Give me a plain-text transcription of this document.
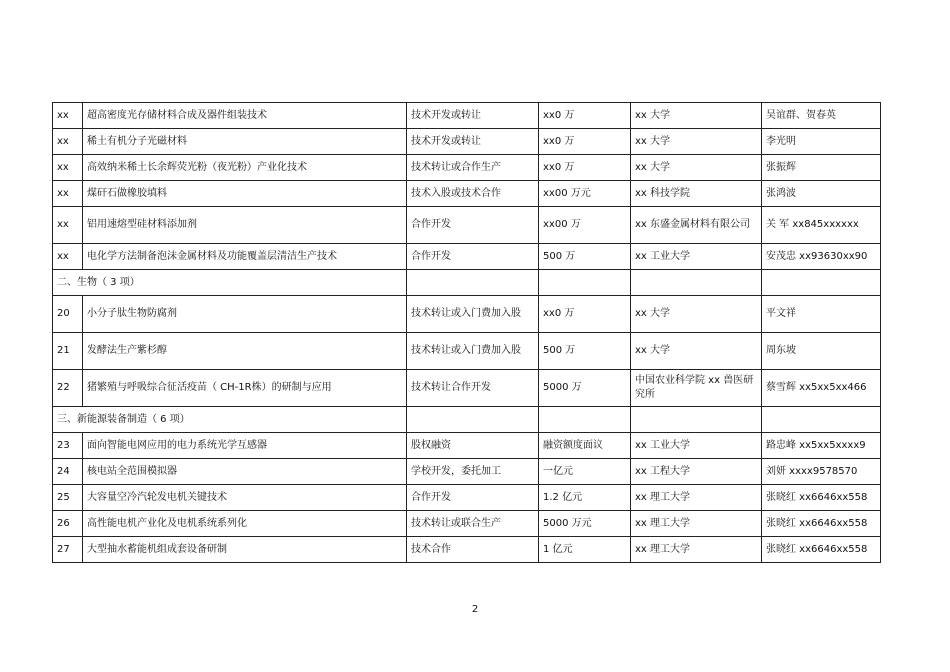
xx	超高密度光存储材料合成及器件组装技术	技术开发或转让	xx0 万	xx 大学	吴谊群、贺春英
xx	稀土有机分子光磁材料	技术开发或转让	xx0 万	xx 大学	李光明
xx	高效纳米稀土长余辉荧光粉（夜光粉）产业化技术	技术转让或合作生产	xx0 万	xx 大学	张振辉
xx	煤矸石做橡胶填料	技术入股或技术合作	xx00 万元	xx 科技学院	张鸿波
xx	铝用速熔型硅材料添加剂	合作开发	xx00 万	xx 东盛金属材料有限公司	关 军 xx845xxxxxx
xx	电化学方法制备泡沫金属材料及功能覆盖层清洁生产技术	合作开发	500 万	xx 工业大学	安茂忠 xx93630xx90
二、生物（ 3 项）					
20	小分子肽生物防腐剂	技术转让或入门费加入股	xx0 万	xx 大学	平文祥
21	发酵法生产紫杉醇	技术转让或入门费加入股	500 万	xx 大学	周东坡
22	猪繁殖与呼吸综合征活疫苗（ CH-1R株）的研制与应用	技术转让合作开发	5000 万	中国农业科学院 xx 兽医研究所	蔡雪辉 xx5xx5xx466
三、新能源装备制造（ 6 项）					
23	面向智能电网应用的电力系统光学互感器	股权融资	融资额度面议	xx 工业大学	路忠峰 xx5xx5xxxx9
24	核电站全范围模拟器	学校开发，委托加工	一亿元	xx 工程大学	刘妍 xxxx9578570
25	大容量空冷汽轮发电机关键技术	合作开发	1.2 亿元	xx 理工大学	张晓红 xx6646xx558
26	高性能电机产业化及电机系统系列化	技术转让或联合生产	5000 万元	xx 理工大学	张晓红 xx6646xx558
27	大型抽水蓄能机组成套设备研制	技术合作	1 亿元	xx 理工大学	张晓红 xx6646xx558
2
